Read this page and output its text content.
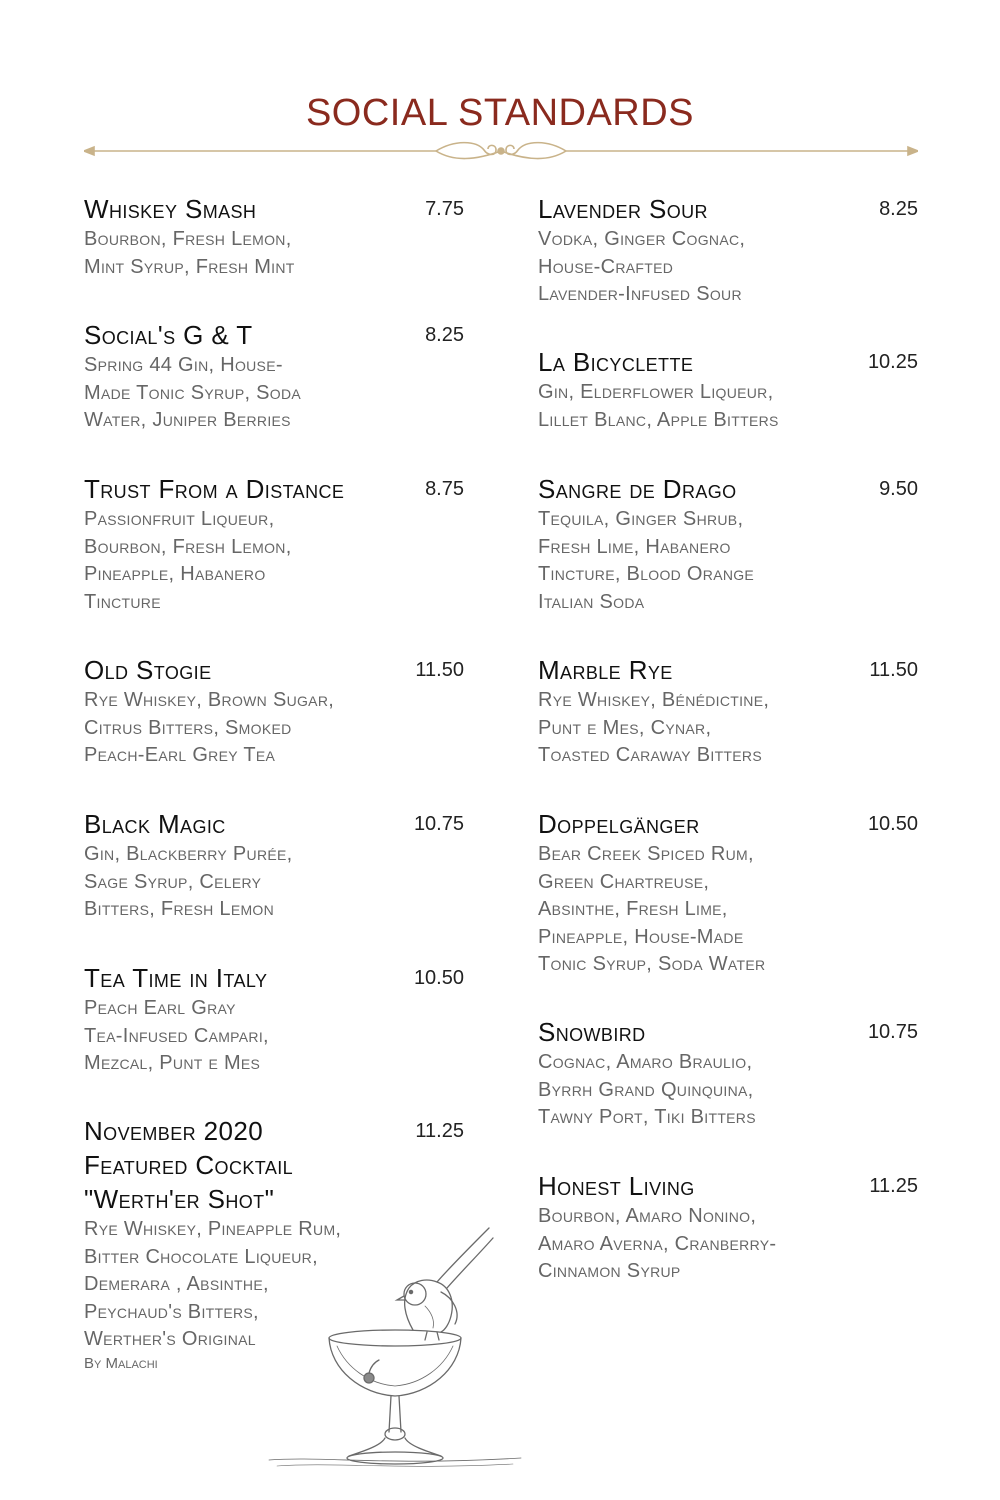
SOCIAL STANDARDS
Whiskey Smash	7.75
Bourbon, Fresh Lemon,
Mint Syrup, Fresh Mint
Social's G & T	8.25
Spring 44 Gin, House-
Made Tonic Syrup, Soda
Water, Juniper Berries
Trust From a Distance	8.75
Passionfruit Liqueur,
Bourbon, Fresh Lemon,
Pineapple, Habanero
Tincture
Old Stogie	11.50
Rye Whiskey, Brown Sugar,
Citrus Bitters, Smoked
Peach-Earl Grey Tea
Black Magic	10.75
Gin, Blackberry Purée,
Sage Syrup, Celery
Bitters, Fresh Lemon
Tea Time in Italy	10.50
Peach Earl Gray
Tea-Infused Campari,
Mezcal, Punt e Mes
November 2020
Featured Cocktail
"Werth'er Shot"
11.25
Rye Whiskey, Pineapple Rum,
Bitter Chocolate Liqueur,
Demerara , Absinthe,
Peychaud's Bitters,
Werther's Original
By Malachi
Lavender Sour	8.25
Vodka, Ginger Cognac,
House-Crafted
Lavender-Infused Sour
La Bicyclette	10.25
Gin, Elderflower Liqueur,
Lillet Blanc, Apple Bitters
Sangre de Drago	9.50
Tequila, Ginger Shrub,
Fresh Lime, Habanero
Tincture, Blood Orange
Italian Soda
Marble Rye	11.50
Rye Whiskey, Bénédictine,
Punt e Mes, Cynar,
Toasted Caraway Bitters
Doppelgänger	10.50
Bear Creek Spiced Rum,
Green Chartreuse,
Absinthe, Fresh Lime,
Pineapple, House-Made
Tonic Syrup, Soda Water
Snowbird	10.75
Cognac, Amaro Braulio,
Byrrh Grand Quinquina,
Tawny Port, Tiki Bitters
Honest Living	11.25
Bourbon, Amaro Nonino,
Amaro Averna, Cranberry-
Cinnamon Syrup
